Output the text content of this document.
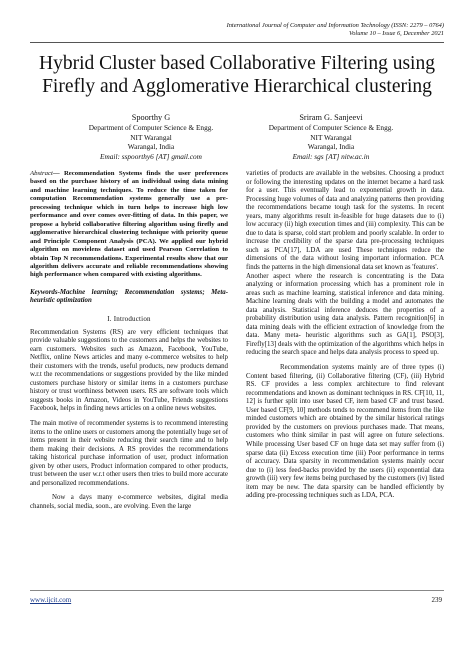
International Journal of Computer and Information Technology (ISSN: 2279 – 0764)
Volume 10 – Issue 6, December 2021
Hybrid Cluster based Collaborative Filtering using
Firefly and Agglomerative Hierarchical clustering
Spoorthy G
Department of Computer Science & Engg.
NIT Warangal
Warangal, India
Email: sspoorthy6 [AT] gmail.com
Sriram G. Sanjeevi
Department of Computer Science & Engg.
NIT Warangal
Warangal, India
Email: sgs [AT] nitw.ac.in

Abstract— Recommendation Systems finds the user preferences based on the purchase history of an individual using data mining and machine learning techniques. To reduce the time taken for computation Recommendation systems generally use a pre-processing technique which in turn helps to increase high low performance and over comes over-fitting of data. In this paper, we propose a hybrid collaborative filtering algorithm using firefly and agglomerative hierarchical clustering technique with priority queue and Principle Component Analysis (PCA). We applied our hybrid algorithm on movielens dataset and used Pearson Correlation to obtain Top N recommendations. Experimental results show that our algorithm delivers accurate and reliable recommendations showing high performance when compared with existing algorithms.

Keywords-Machine learning; Recommendation systems; Meta-heuristic optimization

I. Introduction

Recommendation Systems (RS) are very efficient techniques that provide valuable suggestions to the customers and helps the websites to earn customers. Websites such as Amazon, Facebook, YouTube, Netflix, online News articles and many e-commerce websites to help their customers with the trends, useful products, new products demand w.r.t the recommendations or suggestions provided by the like minded customers purchase history or similar items in a customers purchase history or trust worthiness between users. RS are software tools which suggests books in Amazon, Videos in YouTube, Friends suggestions Facebook, helps in finding news articles on a online news websites.

The main motive of recommender systems is to recommend interesting items to the online users or customers among the potentially huge set of items present in their website reducing their search time and to help them making their decisions. A RS provides the recommendations taking historical purchase information of user, product information given by other users, Product information compared to other products, trust between the user w.r.t other users then tries to build more accurate and personalized recommendations.

Now a days many e-commerce websites, digital media channels, social media, soon., are evolving. Even the large

varieties of products are available in the websites. Choosing a product or following the interesting updates on the internet became a hard task for a user. This eventually lead to exponential growth in data. Processing huge volumes of data and analyzing patterns then providing the recommendations became tough task for the systems. In recent years, many algorithms result in-feasible for huge datasets due to (i) low accuracy (ii) high execution times and (iii) complexity. This can be due to data is sparse, cold start problem and poorly scalable. In order to increase the credibility of the sparse data pre-processing techniques such as PCA[17], LDA are used These techniques reduce the dimensions of the data without losing important information. PCA finds the patterns in the high dimensional data set known as 'features'.

Another aspect where the research is concentrating is the Data analyzing or information processing which has a prominent role in areas such as machine learning, statistical inference and data mining. Machine learning deals with the building a model and automates the data analysis. Statistical inference deduces the properties of a probability distribution using data analysis. Pattern recognition[6] in data mining deals with the efficient extraction of knowledge from the data. Many meta- heuristic algorithms such as GA[1], PSO[3], Firefly[13] deals with the optimization of the algorithms which helps in reducing the search space and helps data analysis process to speed up.

Recommendation systems mainly are of three types (i) Content based filtering, (ii) Collaborative filtering (CF), (iii) Hybrid RS. CF provides a less complex architecture to find relevant recommendations and known as dominant techniques in RS. CF[10, 11, 12] is further split into user based CF, item based CF and trust based. User based CF[9, 10] methods tends to recommend items from the like minded customers which are obtained by the similar historical ratings provided by the customers on previous purchases made. That means, customers who think similar in past will agree on future selections. While processing User based CF on huge data set may suffer from (i) sparse data (ii) Excess execution time (iii) Poor performance in terms of accuracy. Data sparsity in recommendation systems mainly occur due to (i) less feed-backs provided by the users (ii) exponential data growth (iii) very few items being purchased by the customers (iv) listed item may be new. The data sparsity can be handled efficiently by adding pre-processing techniques such as LDA, PCA.

www.ijcit.com	239
